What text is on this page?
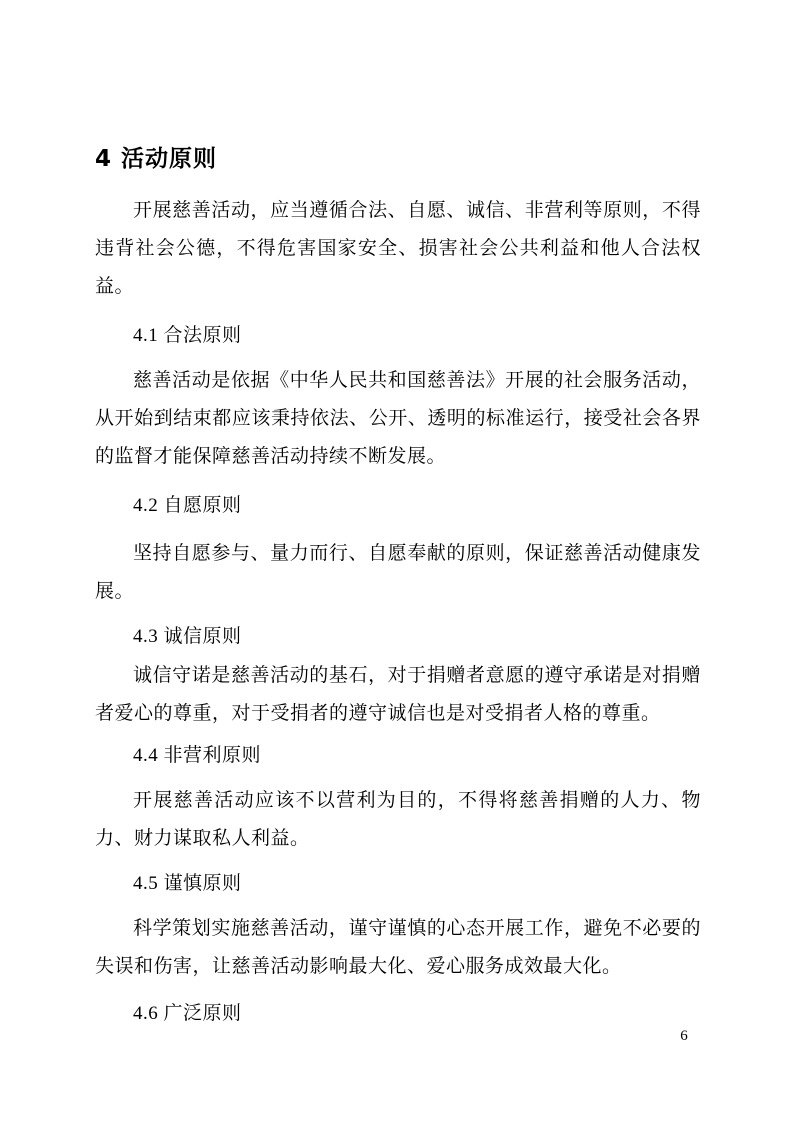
4 活动原则

开展慈善活动，应当遵循合法、自愿、诚信、非营利等原则，不得违背社会公德，不得危害国家安全、损害社会公共利益和他人合法权益。

4.1 合法原则

慈善活动是依据《中华人民共和国慈善法》开展的社会服务活动，从开始到结束都应该秉持依法、公开、透明的标准运行，接受社会各界的监督才能保障慈善活动持续不断发展。

4.2 自愿原则

坚持自愿参与、量力而行、自愿奉献的原则，保证慈善活动健康发展。

4.3 诚信原则

诚信守诺是慈善活动的基石，对于捐赠者意愿的遵守承诺是对捐赠者爱心的尊重，对于受捐者的遵守诚信也是对受捐者人格的尊重。

4.4 非营利原则

开展慈善活动应该不以营利为目的，不得将慈善捐赠的人力、物力、财力谋取私人利益。

4.5 谨慎原则

科学策划实施慈善活动，谨守谨慎的心态开展工作，避免不必要的失误和伤害，让慈善活动影响最大化、爱心服务成效最大化。

4.6 广泛原则

6
